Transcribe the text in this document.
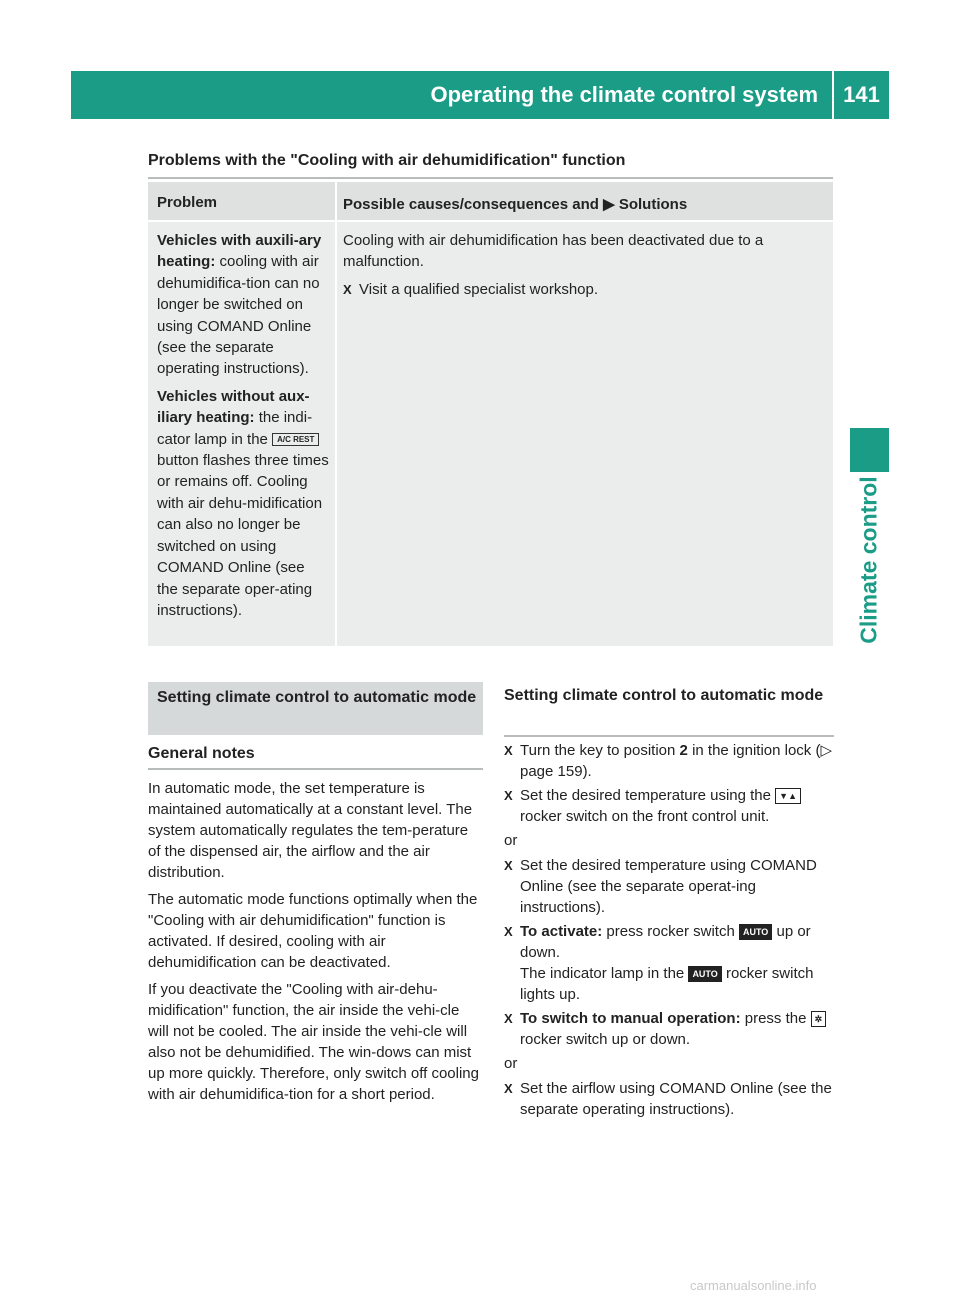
Operating the climate control system	141
Climate control
Problems with the "Cooling with air dehumidification" function
Problem	Possible causes/consequences and ▶ Solutions

Vehicles with auxili-ary heating: cooling with air dehumidifica-tion can no longer be switched on using COMAND Online (see the separate operating instructions).

Vehicles without aux-iliary heating: the indi-cator lamp in the A/C REST button flashes three times or remains off. Cooling with air dehu-midification can also no longer be switched on using COMAND Online (see the separate oper-ating instructions).

Cooling with air dehumidification has been deactivated due to a malfunction.

X Visit a qualified specialist workshop.
Setting climate control to automatic mode
General notes

In automatic mode, the set temperature is maintained automatically at a constant level. The system automatically regulates the tem-perature of the dispensed air, the airflow and the air distribution.

The automatic mode functions optimally when the "Cooling with air dehumidification" function is activated. If desired, cooling with air dehumidification can be deactivated.

If you deactivate the "Cooling with air-dehu-midification" function, the air inside the vehi-cle will not be cooled. The air inside the vehi-cle will also not be dehumidified. The win-dows can mist up more quickly. Therefore, only switch off cooling with air dehumidifica-tion for a short period.

Setting climate control to automatic mode
X Turn the key to position 2 in the ignition lock (▷ page 159).
X Set the desired temperature using the ▼▲ rocker switch on the front control unit.
or
X Set the desired temperature using COMAND Online (see the separate operat-ing instructions).
X To activate: press rocker switch AUTO up or down.
The indicator lamp in the AUTO rocker switch lights up.
X To switch to manual operation: press the ✲ rocker switch up or down.
or
X Set the airflow using COMAND Online (see the separate operating instructions).
carmanualsonline.info
